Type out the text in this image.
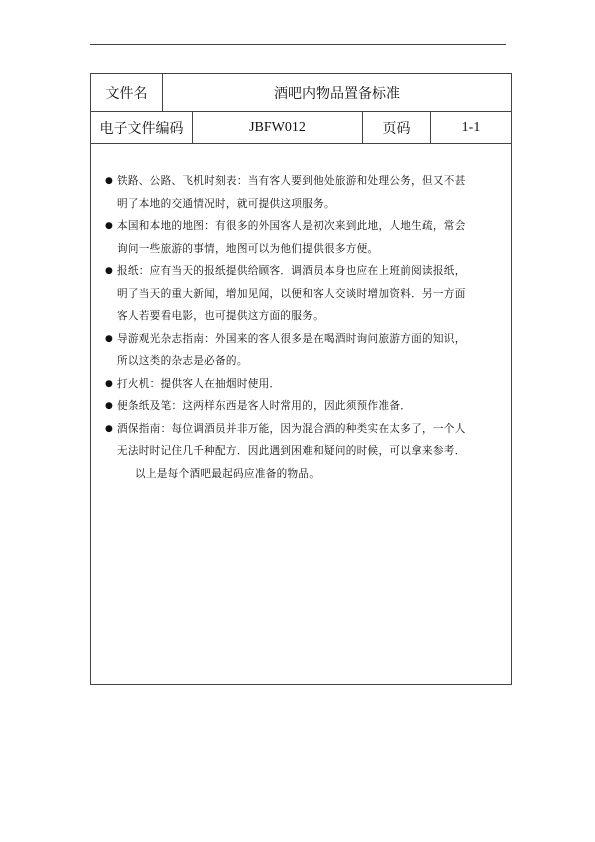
文件名	酒吧内物品置备标准
电子文件编码	JBFW012	页码	1-1

● 铁路、公路、飞机时刻表：当有客人要到他处旅游和处理公务，但又不甚
明了本地的交通情况时，就可提供这项服务。

● 本国和本地的地图：有很多的外国客人是初次来到此地，人地生疏，常会
询问一些旅游的事情，地图可以为他们提供很多方便。

● 报纸：应有当天的报纸提供给顾客．调酒员本身也应在上班前阅读报纸，
明了当天的重大新闻，增加见闻，以便和客人交谈时增加资料．另一方面
客人若要看电影，也可提供这方面的服务。

● 导游观光杂志指南：外国来的客人很多是在喝酒时询问旅游方面的知识，
所以这类的杂志是必备的。

● 打火机：提供客人在抽烟时使用．

● 便条纸及笔：这两样东西是客人时常用的，因此须预作准备．

● 酒保指南：每位调酒员并非万能，因为混合酒的种类实在太多了，一个人
无法时时记住几千种配方．因此遇到困难和疑问的时候，可以拿来参考．

以上是每个酒吧最起码应准备的物品。
